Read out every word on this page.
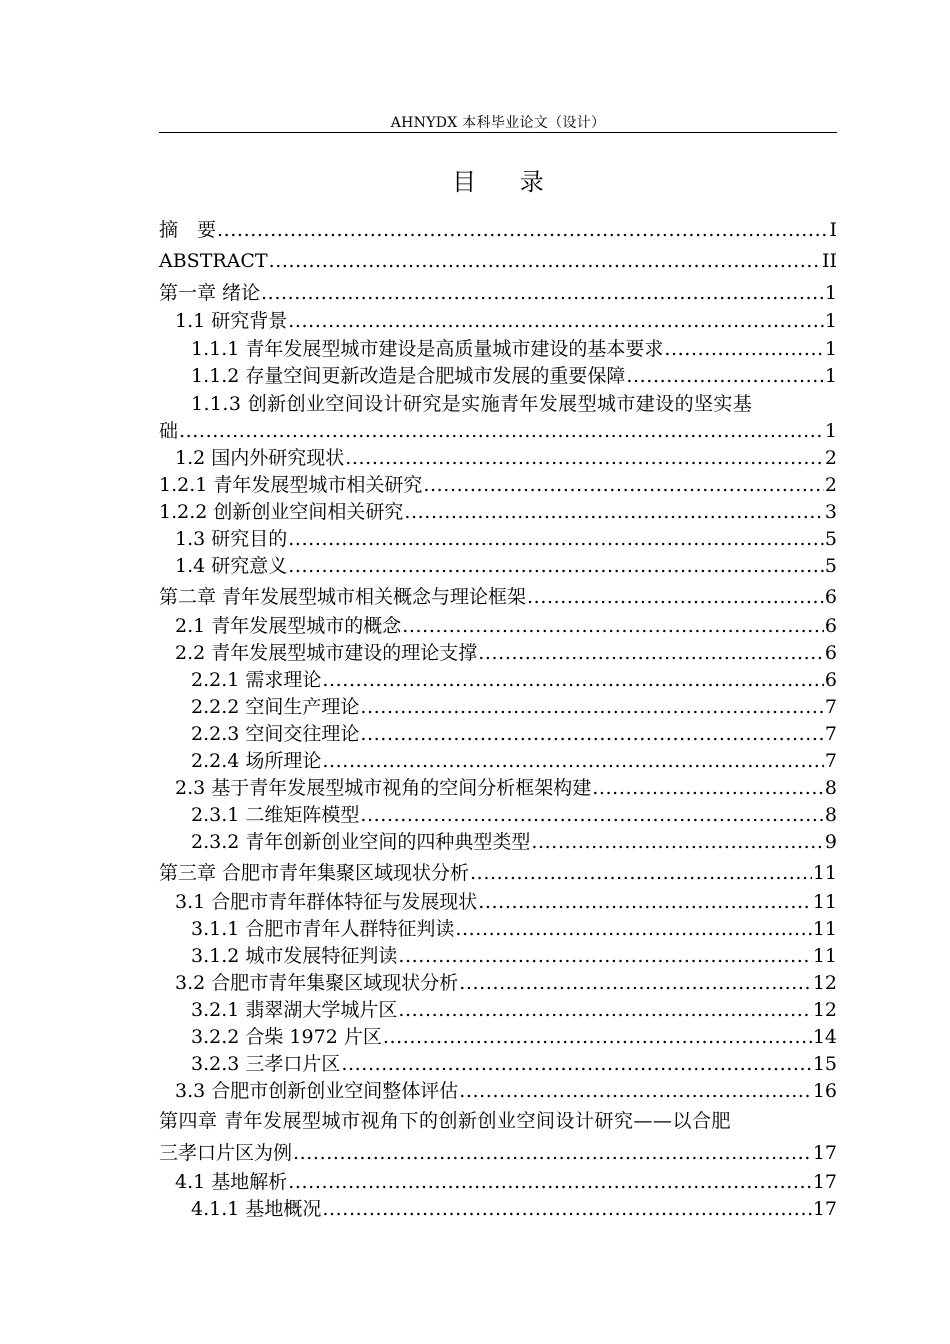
AHNYDX 本科毕业论文（设计）
目 录
摘　要 .....	I
ABSTRACT .....	II
第一章 绪论 .....	1
1.1 研究背景 .....	1
1.1.1 青年发展型城市建设是高质量城市建设的基本要求 .....	1
1.1.2 存量空间更新改造是合肥城市发展的重要保障 .....	1
1.1.3 创新创业空间设计研究是实施青年发展型城市建设的坚实基
础 .....	1
1.2 国内外研究现状 .....	2
1.2.1 青年发展型城市相关研究 .....	2
1.2.2 创新创业空间相关研究 .....	3
1.3 研究目的 .....	5
1.4 研究意义 .....	5
第二章 青年发展型城市相关概念与理论框架 .....	6
2.1 青年发展型城市的概念 .....	6
2.2 青年发展型城市建设的理论支撑 .....	6
2.2.1 需求理论 .....	6
2.2.2 空间生产理论 .....	7
2.2.3 空间交往理论 .....	7
2.2.4 场所理论 .....	7
2.3 基于青年发展型城市视角的空间分析框架构建 .....	8
2.3.1 二维矩阵模型 .....	8
2.3.2 青年创新创业空间的四种典型类型 .....	9
第三章 合肥市青年集聚区域现状分析 .....	11
3.1 合肥市青年群体特征与发展现状 .....	11
3.1.1 合肥市青年人群特征判读 .....	11
3.1.2 城市发展特征判读 .....	11
3.2 合肥市青年集聚区域现状分析 .....	12
3.2.1 翡翠湖大学城片区 .....	12
3.2.2 合柴 1972 片区 .....	14
3.2.3 三孝口片区 .....	15
3.3 合肥市创新创业空间整体评估 .....	16
第四章 青年发展型城市视角下的创新创业空间设计研究——以合肥
三孝口片区为例 .....	17
4.1 基地解析 .....	17
4.1.1 基地概况 .....	17
